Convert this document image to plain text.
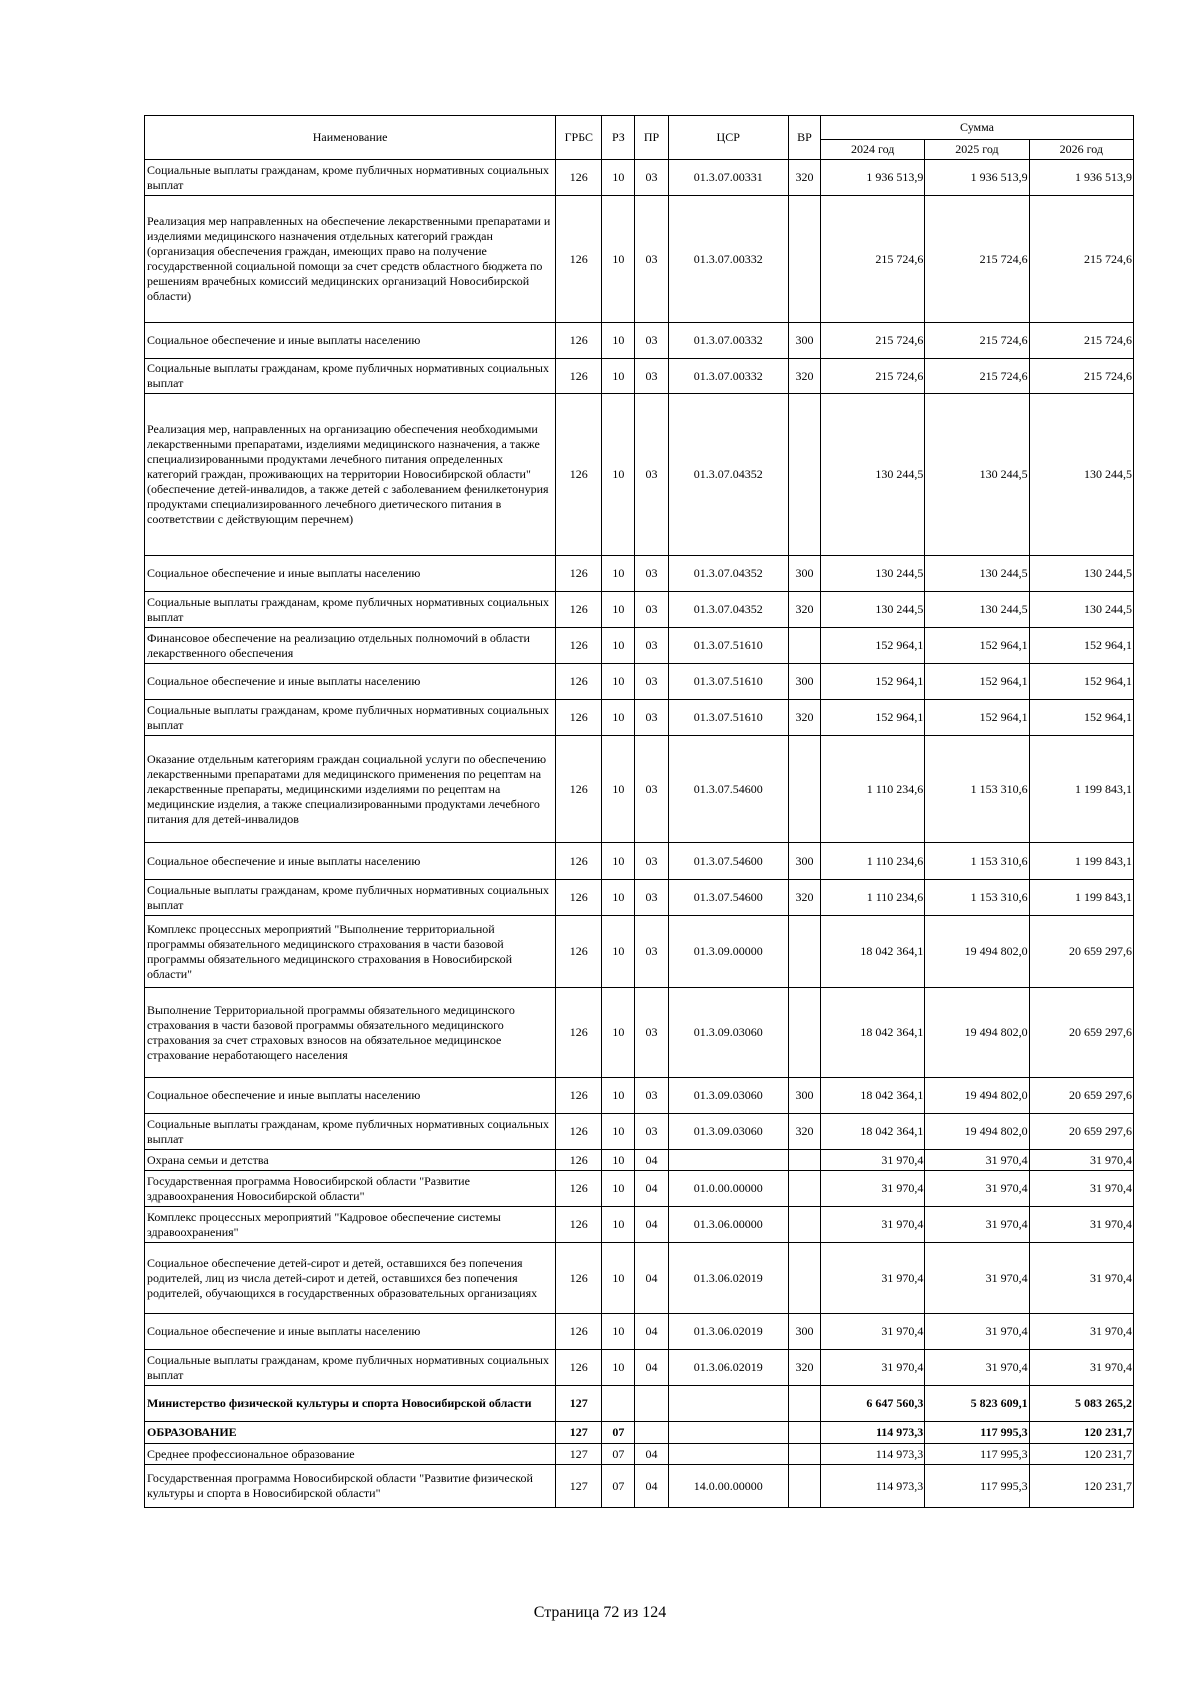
Наименование	ГРБС	РЗ	ПР	ЦСР	ВР	Сумма		
						2024 год	2025 год	2026 год
Социальные выплаты гражданам, кроме публичных нормативных социальных выплат	126	10	03	01.3.07.00331	320	1 936 513,9	1 936 513,9	1 936 513,9
Реализация мер направленных на обеспечение лекарственными препаратами и изделиями медицинского назначения отдельных категорий граждан (организация обеспечения граждан, имеющих право на получение государственной социальной помощи за счет средств областного бюджета по решениям врачебных комиссий медицинских организаций Новосибирской области)	126	10	03	01.3.07.00332		215 724,6	215 724,6	215 724,6
Социальное обеспечение и иные выплаты населению	126	10	03	01.3.07.00332	300	215 724,6	215 724,6	215 724,6
Социальные выплаты гражданам, кроме публичных нормативных социальных выплат	126	10	03	01.3.07.00332	320	215 724,6	215 724,6	215 724,6
Реализация мер, направленных на организацию обеспечения необходимыми лекарственными препаратами, изделиями медицинского назначения, а также специализированными продуктами лечебного питания определенных категорий граждан, проживающих на территории Новосибирской области" (обеспечение детей-инвалидов, а также детей с заболеванием фенилкетонурия продуктами специализированного лечебного диетического питания в соответствии с действующим перечнем)	126	10	03	01.3.07.04352		130 244,5	130 244,5	130 244,5
Социальное обеспечение и иные выплаты населению	126	10	03	01.3.07.04352	300	130 244,5	130 244,5	130 244,5
Социальные выплаты гражданам, кроме публичных нормативных социальных выплат	126	10	03	01.3.07.04352	320	130 244,5	130 244,5	130 244,5
Финансовое обеспечение на реализацию отдельных полномочий в области лекарственного обеспечения	126	10	03	01.3.07.51610		152 964,1	152 964,1	152 964,1
Социальное обеспечение и иные выплаты населению	126	10	03	01.3.07.51610	300	152 964,1	152 964,1	152 964,1
Социальные выплаты гражданам, кроме публичных нормативных социальных выплат	126	10	03	01.3.07.51610	320	152 964,1	152 964,1	152 964,1
Оказание отдельным категориям граждан социальной услуги по обеспечению лекарственными препаратами для медицинского применения по рецептам на лекарственные препараты, медицинскими изделиями по рецептам на медицинские изделия, а также специализированными продуктами лечебного питания для детей-инвалидов	126	10	03	01.3.07.54600		1 110 234,6	1 153 310,6	1 199 843,1
Социальное обеспечение и иные выплаты населению	126	10	03	01.3.07.54600	300	1 110 234,6	1 153 310,6	1 199 843,1
Социальные выплаты гражданам, кроме публичных нормативных социальных выплат	126	10	03	01.3.07.54600	320	1 110 234,6	1 153 310,6	1 199 843,1
Комплекс процессных мероприятий "Выполнение территориальной программы обязательного медицинского страхования в части базовой программы обязательного медицинского страхования в Новосибирской области"	126	10	03	01.3.09.00000		18 042 364,1	19 494 802,0	20 659 297,6
Выполнение Территориальной программы обязательного медицинского страхования в части базовой программы обязательного медицинского страхования за счет страховых взносов на обязательное медицинское страхование неработающего населения	126	10	03	01.3.09.03060		18 042 364,1	19 494 802,0	20 659 297,6
Социальное обеспечение и иные выплаты населению	126	10	03	01.3.09.03060	300	18 042 364,1	19 494 802,0	20 659 297,6
Социальные выплаты гражданам, кроме публичных нормативных социальных выплат	126	10	03	01.3.09.03060	320	18 042 364,1	19 494 802,0	20 659 297,6
Охрана семьи и детства	126	10	04			31 970,4	31 970,4	31 970,4
Государственная программа Новосибирской области "Развитие здравоохранения Новосибирской области"	126	10	04	01.0.00.00000		31 970,4	31 970,4	31 970,4
Комплекс процессных мероприятий "Кадровое обеспечение системы здравоохранения"	126	10	04	01.3.06.00000		31 970,4	31 970,4	31 970,4
Социальное обеспечение детей-сирот и детей, оставшихся без попечения родителей, лиц из числа детей-сирот и детей, оставшихся без попечения родителей, обучающихся в государственных образовательных организациях	126	10	04	01.3.06.02019		31 970,4	31 970,4	31 970,4
Социальное обеспечение и иные выплаты населению	126	10	04	01.3.06.02019	300	31 970,4	31 970,4	31 970,4
Социальные выплаты гражданам, кроме публичных нормативных социальных выплат	126	10	04	01.3.06.02019	320	31 970,4	31 970,4	31 970,4
Министерство физической культуры и спорта Новосибирской области	127					6 647 560,3	5 823 609,1	5 083 265,2
ОБРАЗОВАНИЕ	127	07				114 973,3	117 995,3	120 231,7
Среднее профессиональное образование	127	07	04			114 973,3	117 995,3	120 231,7
Государственная программа Новосибирской области "Развитие физической культуры и спорта в Новосибирской области"	127	07	04	14.0.00.00000		114 973,3	117 995,3	120 231,7
Страница 72 из 124
